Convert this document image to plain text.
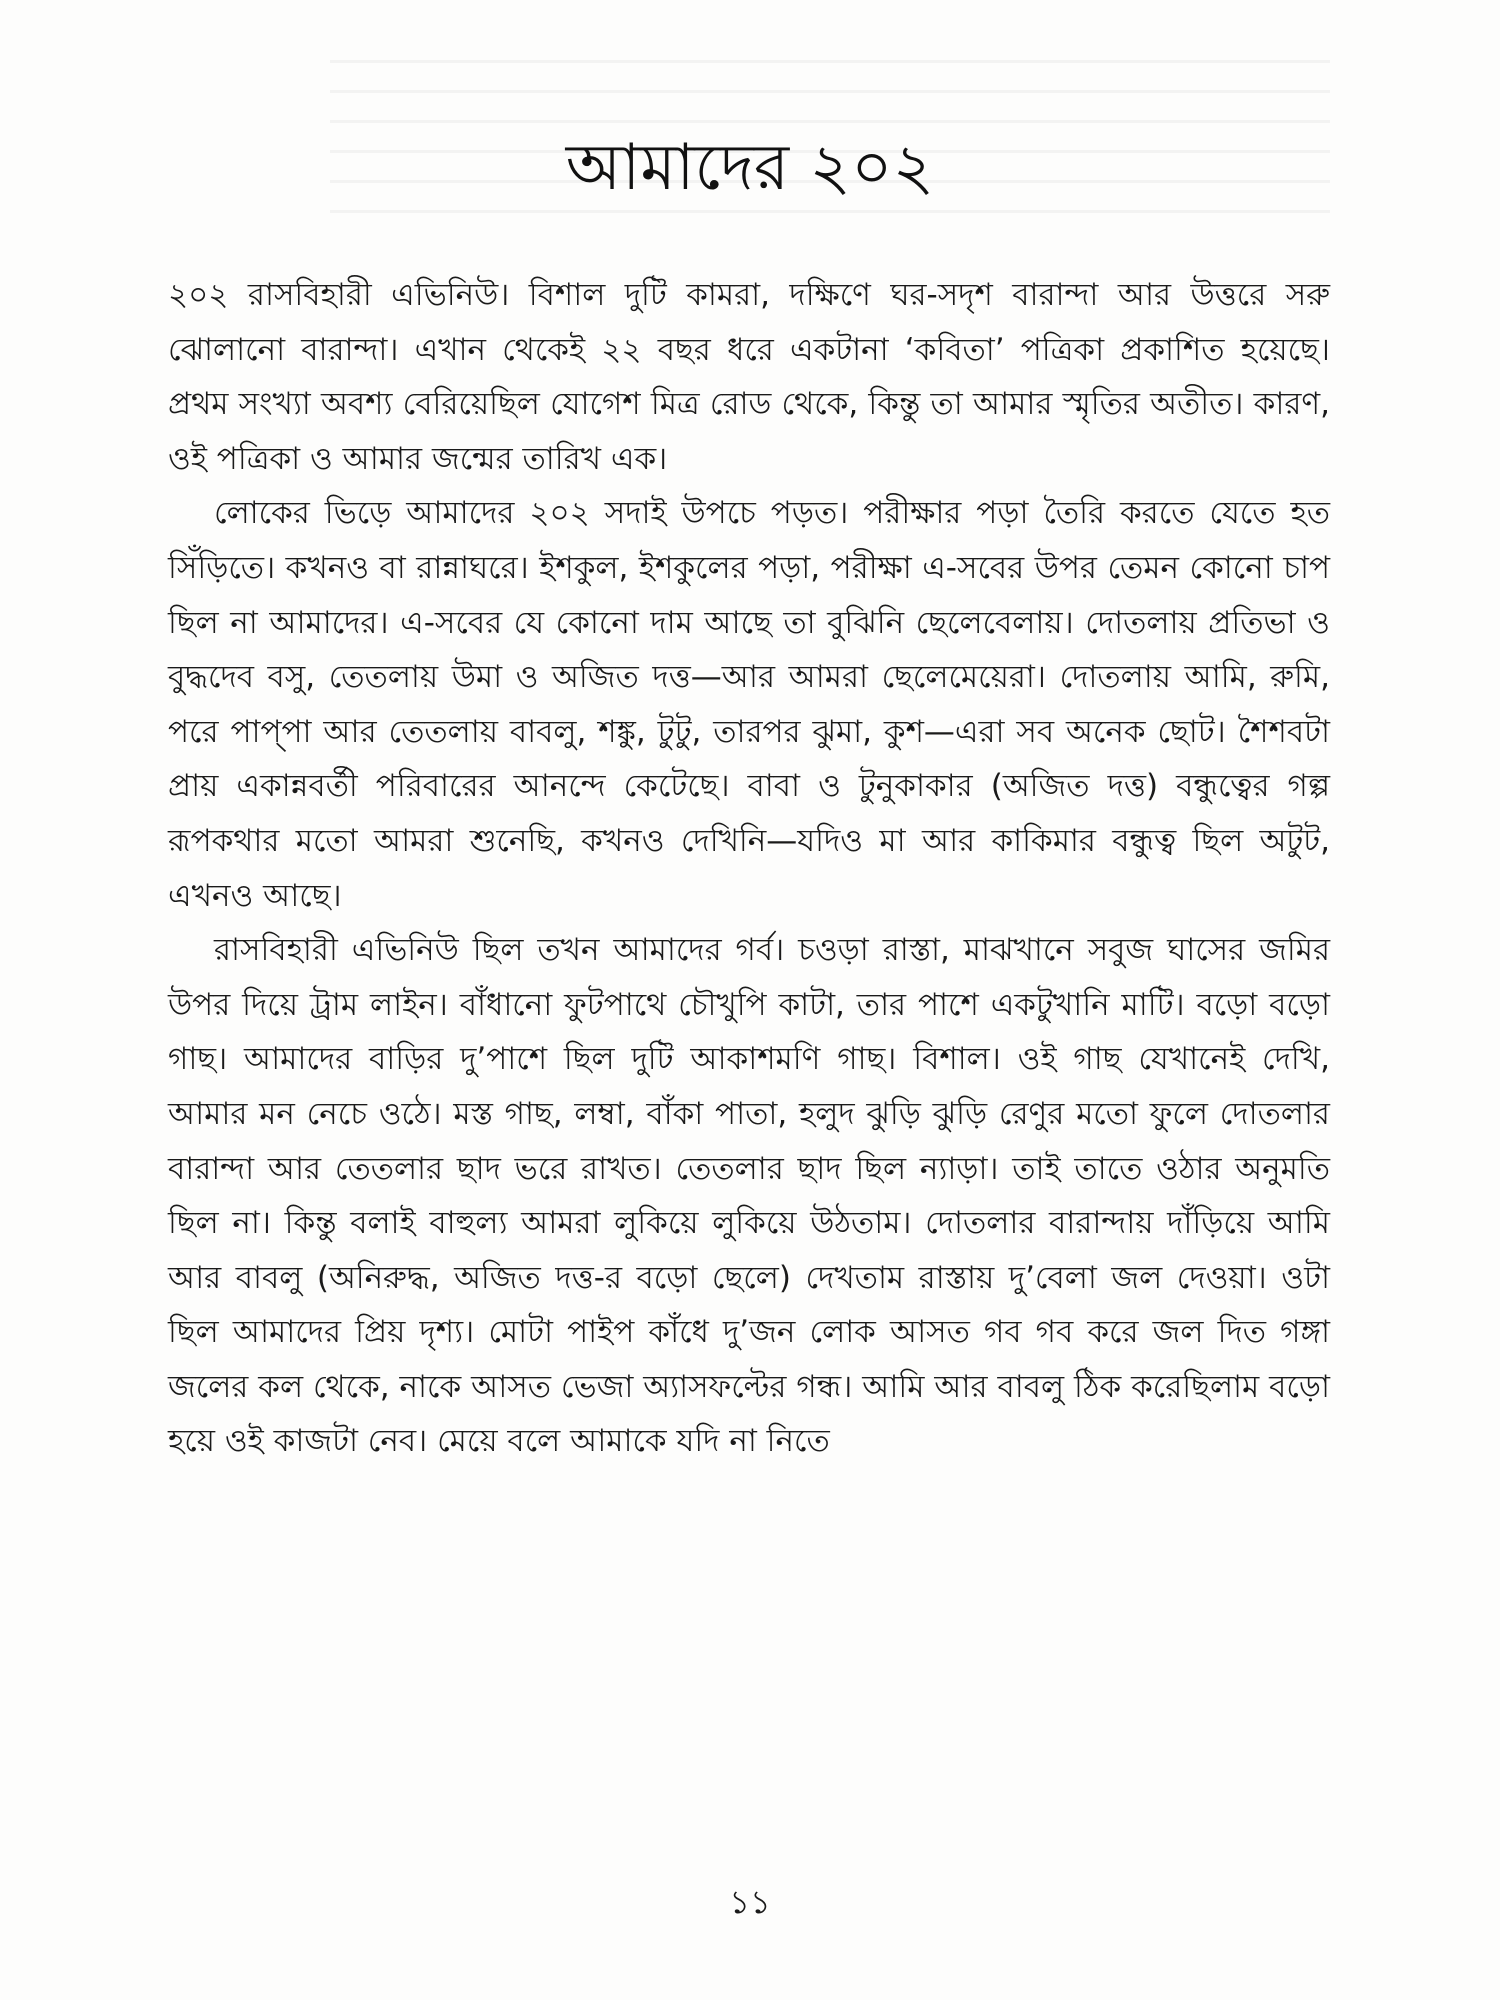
আমাদের ২০২

২০২ রাসবিহারী এভিনিউ। বিশাল দুটি কামরা, দক্ষিণে ঘর-সদৃশ বারান্দা আর উত্তরে সরু ঝোলানো বারান্দা। এখান থেকেই ২২ বছর ধরে একটানা ‘কবিতা’ পত্রিকা প্রকাশিত হয়েছে। প্রথম সংখ্যা অবশ্য বেরিয়েছিল যোগেশ মিত্র রোড থেকে, কিন্তু তা আমার স্মৃতির অতীত। কারণ, ওই পত্রিকা ও আমার জন্মের তারিখ এক।

লোকের ভিড়ে আমাদের ২০২ সদাই উপচে পড়ত। পরীক্ষার পড়া তৈরি করতে যেতে হত সিঁড়িতে। কখনও বা রান্নাঘরে। ইশকুল, ইশকুলের পড়া, পরীক্ষা এ-সবের উপর তেমন কোনো চাপ ছিল না আমাদের। এ-সবের যে কোনো দাম আছে তা বুঝিনি ছেলেবেলায়। দোতলায় প্রতিভা ও বুদ্ধদেব বসু, তেতলায় উমা ও অজিত দত্ত—আর আমরা ছেলেমেয়েরা। দোতলায় আমি, রুমি, পরে পাপ্‌পা আর তেতলায় বাবলু, শঙ্কু, টুটু, তারপর ঝুমা, কুশ—এরা সব অনেক ছোট। শৈশবটা প্রায় একান্নবর্তী পরিবারের আনন্দে কেটেছে। বাবা ও টুনুকাকার (অজিত দত্ত) বন্ধুত্বের গল্প রূপকথার মতো আমরা শুনেছি, কখনও দেখিনি—যদিও মা আর কাকিমার বন্ধুত্ব ছিল অটুট, এখনও আছে।

রাসবিহারী এভিনিউ ছিল তখন আমাদের গর্ব। চওড়া রাস্তা, মাঝখানে সবুজ ঘাসের জমির উপর দিয়ে ট্রাম লাইন। বাঁধানো ফুটপাথে চৌখুপি কাটা, তার পাশে একটুখানি মাটি। বড়ো বড়ো গাছ। আমাদের বাড়ির দু’পাশে ছিল দুটি আকাশমণি গাছ। বিশাল। ওই গাছ যেখানেই দেখি, আমার মন নেচে ওঠে। মস্ত গাছ, লম্বা, বাঁকা পাতা, হলুদ ঝুড়ি ঝুড়ি রেণুর মতো ফুলে দোতলার বারান্দা আর তেতলার ছাদ ভরে রাখত। তেতলার ছাদ ছিল ন্যাড়া। তাই তাতে ওঠার অনুমতি ছিল না। কিন্তু বলাই বাহুল্য আমরা লুকিয়ে লুকিয়ে উঠতাম। দোতলার বারান্দায় দাঁড়িয়ে আমি আর বাবলু (অনিরুদ্ধ, অজিত দত্ত-র বড়ো ছেলে) দেখতাম রাস্তায় দু’বেলা জল দেওয়া। ওটা ছিল আমাদের প্রিয় দৃশ্য। মোটা পাইপ কাঁধে দু’জন লোক আসত গব গব করে জল দিত গঙ্গা জলের কল থেকে, নাকে আসত ভেজা অ্যাসফল্টের গন্ধ। আমি আর বাবলু ঠিক করেছিলাম বড়ো হয়ে ওই কাজটা নেব। মেয়ে বলে আমাকে যদি না নিতে

১১
